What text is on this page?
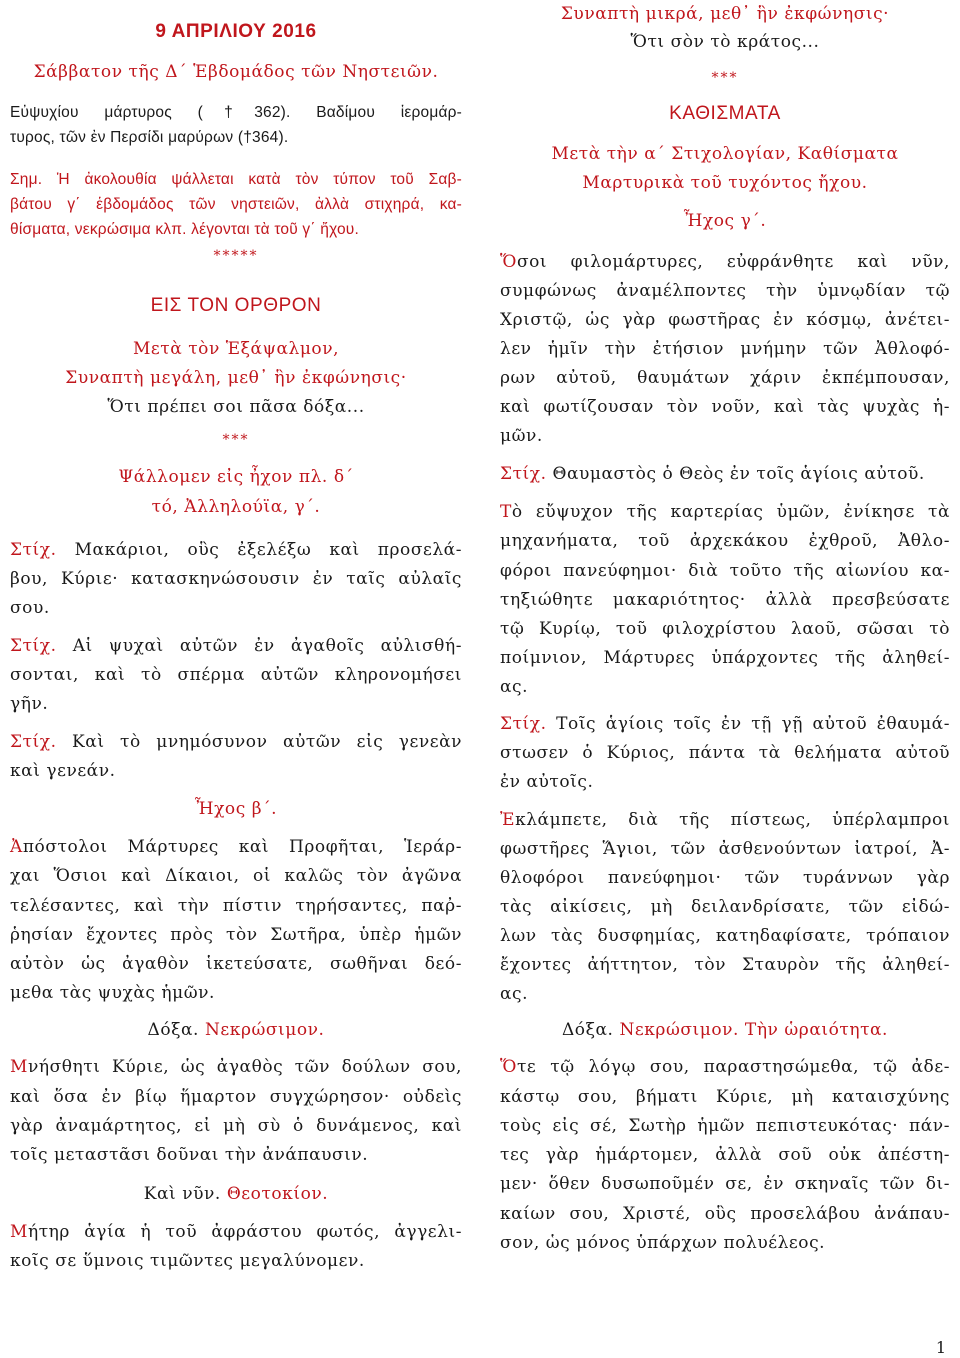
9 ΑΠΡΙΛΙΟΥ 2016
Σάββατον τῆς Δ΄ Ἑβδομάδος τῶν Νηστειῶν.
Εὐψυχίου μάρτυρος (†362). Βαδίμου ἱερομάρ-
τυρος, τῶν ἐν Περσίδι μαρύρων (†364).
Σημ. Ἡ ἀκολουθία ψάλλεται κατὰ τὸν τύπον τοῦ Σαβ-
βάτου γ΄ ἑβδομάδος τῶν νηστειῶν, ἀλλὰ στιχηρά, κα-
θίσματα, νεκρώσιμα κλπ. λέγονται τὰ τοῦ γ΄ ἤχου.
*****
ΕΙΣ ΤΟΝ ΟΡΘΡΟΝ
Μετὰ τὸν Ἑξάψαλμον,
Συναπτὴ μεγάλη, μεθ᾿ ἣν ἐκφώνησις·
Ὅτι πρέπει σοι πᾶσα δόξα...
***
Ψάλλομεν εἰς ἦχον πλ. δ΄
τό, Ἀλληλούϊα, γ΄.
Στίχ. Μακάριοι, οὓς ἐξελέξω καὶ προσελά-
βου, Κύριε· κατασκηνώσουσιν ἐν ταῖς αὐλαῖς
σου.
Στίχ. Αἱ ψυχαὶ αὐτῶν ἐν ἀγαθοῖς αὐλισθή-
σονται, καὶ τὸ σπέρμα αὐτῶν κληρονομήσει
γῆν.
Στίχ. Καὶ τὸ μνημόσυνον αὐτῶν εἰς γενεὰν
καὶ γενεάν.
Ἦχος β΄.
Ἀπόστολοι Μάρτυρες καὶ Προφῆται, Ἱεράρ-
χαι Ὅσιοι καὶ Δίκαιοι, οἱ καλῶς τὸν ἀγῶνα
τελέσαντες, καὶ τὴν πίστιν τηρήσαντες, παῤ-
ῥησίαν ἔχοντες πρὸς τὸν Σωτῆρα, ὑπὲρ ἡμῶν
αὐτὸν ὡς ἀγαθὸν ἱκετεύσατε, σωθῆναι δεό-
μεθα τὰς ψυχὰς ἡμῶν.
Δόξα. Νεκρώσιμον.
Μνήσθητι Κύριε, ὡς ἀγαθὸς τῶν δούλων σου,
καὶ ὅσα ἐν βίῳ ἥμαρτον συγχώρησον· οὐδεὶς
γὰρ ἀναμάρτητος, εἰ μὴ σὺ ὁ δυνάμενος, καὶ
τοῖς μεταστᾶσι δοῦναι τὴν ἀνάπαυσιν.
Καὶ νῦν. Θεοτοκίον.
Μήτηρ ἁγία ἡ τοῦ ἀφράστου φωτός, ἀγγελι-
κοῖς σε ὕμνοις τιμῶντες μεγαλύνομεν.
Συναπτὴ μικρά, μεθ᾿ ἣν ἐκφώνησις·
Ὅτι σὸν τὸ κράτος...
***
ΚΑΘΙΣΜΑΤΑ
Μετὰ τὴν α΄ Στιχολογίαν, Καθίσματα
Μαρτυρικὰ τοῦ τυχόντος ἤχου.
Ἦχος γ΄.
Ὅσοι φιλομάρτυρες, εὐφράνθητε καὶ νῦν,
συμφώνως ἀναμέλποντες τὴν ὑμνῳδίαν τῷ
Χριστῷ, ὡς γὰρ φωστῆρας ἐν κόσμῳ, ἀνέτει-
λεν ἡμῖν τὴν ἐτήσιον μνήμην τῶν Ἀθλοφό-
ρων αὐτοῦ, θαυμάτων χάριν ἐκπέμπουσαν,
καὶ φωτίζουσαν τὸν νοῦν, καὶ τὰς ψυχὰς ἡ-
μῶν.
Στίχ. Θαυμαστὸς ὁ Θεὸς ἐν τοῖς ἁγίοις αὐτοῦ.
Τὸ εὔψυχον τῆς καρτερίας ὑμῶν, ἐνίκησε τὰ
μηχανήματα, τοῦ ἀρχεκάκου ἐχθροῦ, Ἀθλο-
φόροι πανεύφημοι· διὰ τοῦτο τῆς αἰωνίου κα-
τηξιώθητε μακαριότητος· ἀλλὰ πρεσβεύσατε
τῷ Κυρίῳ, τοῦ φιλοχρίστου λαοῦ, σῶσαι τὸ
ποίμνιον, Μάρτυρες ὑπάρχοντες τῆς ἀληθεί-
ας.
Στίχ. Τοῖς ἁγίοις τοῖς ἐν τῇ γῇ αὐτοῦ ἐθαυμά-
στωσεν ὁ Κύριος, πάντα τὰ θελήματα αὐτοῦ
ἐν αὐτοῖς.
Ἐκλάμπετε, διὰ τῆς πίστεως, ὑπέρλαμπροι
φωστῆρες Ἅγιοι, τῶν ἀσθενούντων ἰατροί, Ἀ-
θλοφόροι πανεύφημοι· τῶν τυράννων γὰρ
τὰς αἰκίσεις, μὴ δειλανδρίσατε, τῶν εἰδώ-
λων τὰς δυσφημίας, κατηδαφίσατε, τρόπαιον
ἔχοντες ἀήττητον, τὸν Σταυρὸν τῆς ἀληθεί-
ας.
Δόξα. Νεκρώσιμον. Τὴν ὡραιότητα.
Ὅτε τῷ λόγῳ σου, παραστησώμεθα, τῷ ἀδε-
κάστῳ σου, βήματι Κύριε, μὴ καταισχύνης
τοὺς εἰς σέ, Σωτὴρ ἡμῶν πεπιστευκότας· πάν-
τες γὰρ ἡμάρτομεν, ἀλλὰ σοῦ οὐκ ἀπέστη-
μεν· ὅθεν δυσωποῦμέν σε, ἐν σκηναῖς τῶν δι-
καίων σου, Χριστέ, οὓς προσελάβου ἀνάπαυ-
σον, ὡς μόνος ὑπάρχων πολυέλεος.
1
